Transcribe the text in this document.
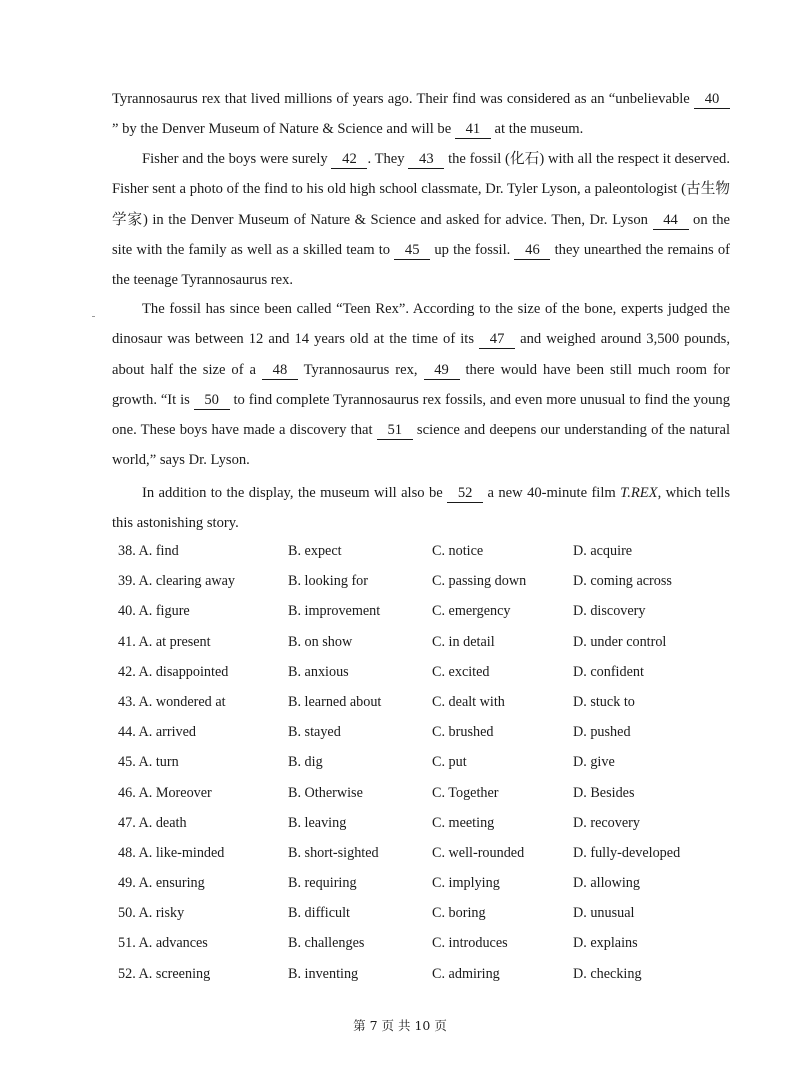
Tyrannosaurus rex that lived millions of years ago. Their find was considered as an “unbelievable 40 ” by the Denver Museum of Nature & Science and will be 41 at the museum.

Fisher and the boys were surely 42 . They 43 the fossil (化石) with all the respect it deserved. Fisher sent a photo of the find to his old high school classmate, Dr. Tyler Lyson, a paleontologist (古生物学家) in the Denver Museum of Nature & Science and asked for advice. Then, Dr. Lyson 44 on the site with the family as well as a skilled team to 45 up the fossil. 46 they unearthed the remains of the teenage Tyrannosaurus rex.

The fossil has since been called “Teen Rex”. According to the size of the bone, experts judged the dinosaur was between 12 and 14 years old at the time of its 47 and weighed around 3,500 pounds, about half the size of a 48 Tyrannosaurus rex, 49 there would have been still much room for growth. “It is 50 to find complete Tyrannosaurus rex fossils, and even more unusual to find the young one. These boys have made a discovery that 51 science and deepens our understanding of the natural world,” says Dr. Lyson.

In addition to the display, the museum will also be 52 a new 40-minute film T.REX, which tells this astonishing story.

38. A. find	B. expect	C. notice	D. acquire
39. A. clearing away	B. looking for	C. passing down	D. coming across
40. A. figure	B. improvement	C. emergency	D. discovery
41. A. at present	B. on show	C. in detail	D. under control
42. A. disappointed	B. anxious	C. excited	D. confident
43. A. wondered at	B. learned about	C. dealt with	D. stuck to
44. A. arrived	B. stayed	C. brushed	D. pushed
45. A. turn	B. dig	C. put	D. give
46. A. Moreover	B. Otherwise	C. Together	D. Besides
47. A. death	B. leaving	C. meeting	D. recovery
48. A. like-minded	B. short-sighted	C. well-rounded	D. fully-developed
49. A. ensuring	B. requiring	C. implying	D. allowing
50. A. risky	B. difficult	C. boring	D. unusual
51. A. advances	B. challenges	C. introduces	D. explains
52. A. screening	B. inventing	C. admiring	D. checking
第 7 页 共 10 页
